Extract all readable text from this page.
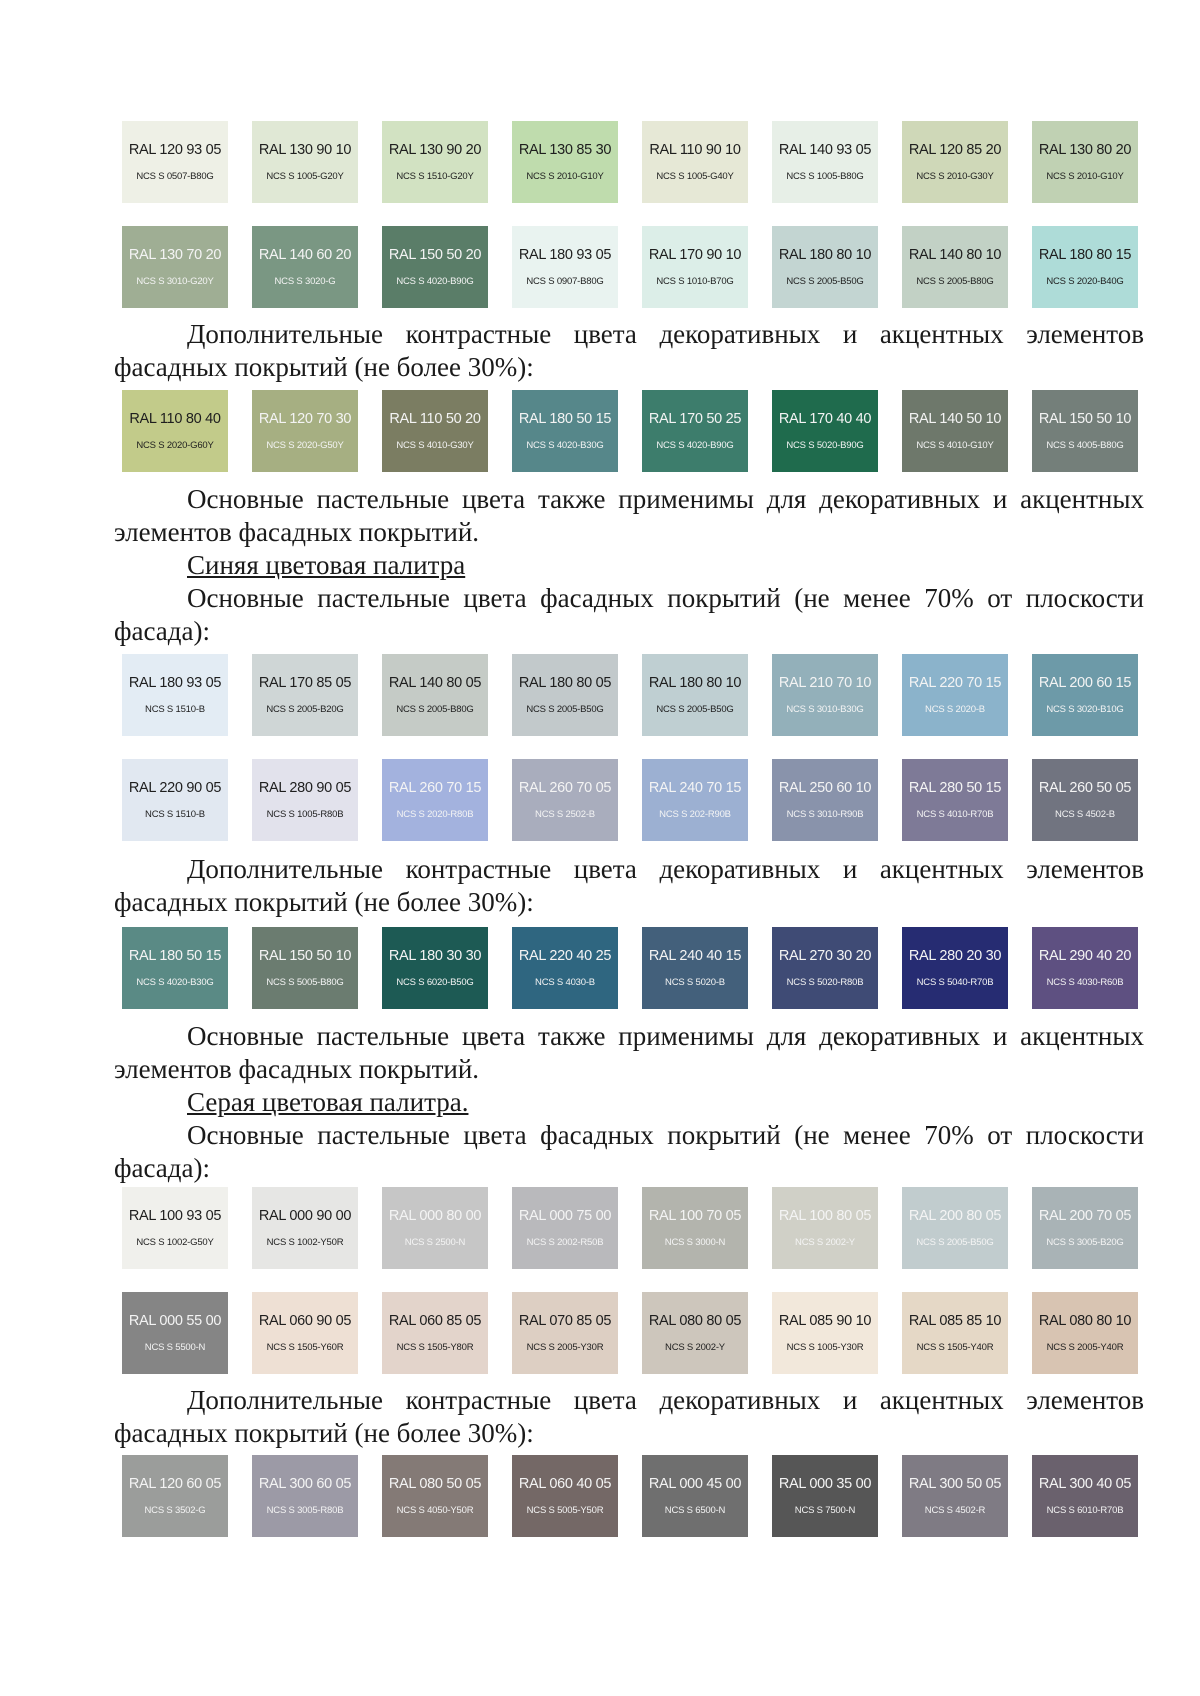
RAL 120 93 05
NCS S 0507-B80G
RAL 130 90 10
NCS S 1005-G20Y
RAL 130 90 20
NCS S 1510-G20Y
RAL 130 85 30
NCS S 2010-G10Y
RAL 110 90 10
NCS S 1005-G40Y
RAL 140 93 05
NCS S 1005-B80G
RAL 120 85 20
NCS S 2010-G30Y
RAL 130 80 20
NCS S 2010-G10Y
RAL 130 70 20
NCS S 3010-G20Y
RAL 140 60 20
NCS S 3020-G
RAL 150 50 20
NCS S 4020-B90G
RAL 180 93 05
NCS S 0907-B80G
RAL 170 90 10
NCS S 1010-B70G
RAL 180 80 10
NCS S 2005-B50G
RAL 140 80 10
NCS S 2005-B80G
RAL 180 80 15
NCS S 2020-B40G

Дополнительные контрастные цвета декоративных и акцентных элементов

фасадных покрытий (не более 30%):

RAL 110 80 40
NCS S 2020-G60Y
RAL 120 70 30
NCS S 2020-G50Y
RAL 110 50 20
NCS S 4010-G30Y
RAL 180 50 15
NCS S 4020-B30G
RAL 170 50 25
NCS S 4020-B90G
RAL 170 40 40
NCS S 5020-B90G
RAL 140 50 10
NCS S 4010-G10Y
RAL 150 50 10
NCS S 4005-B80G

Основные пастельные цвета также применимы для декоративных и акцентных

элементов фасадных покрытий.

Синяя цветовая палитра

Основные пастельные цвета фасадных покрытий (не менее 70% от плоскости

фасада):

RAL 180 93 05
NCS S 1510-B
RAL 170 85 05
NCS S 2005-B20G
RAL 140 80 05
NCS S 2005-B80G
RAL 180 80 05
NCS S 2005-B50G
RAL 180 80 10
NCS S 2005-B50G
RAL 210 70 10
NCS S 3010-B30G
RAL 220 70 15
NCS S 2020-B
RAL 200 60 15
NCS S 3020-B10G
RAL 220 90 05
NCS S 1510-B
RAL 280 90 05
NCS S 1005-R80B
RAL 260 70 15
NCS S 2020-R80B
RAL 260 70 05
NCS S 2502-B
RAL 240 70 15
NCS S 202-R90B
RAL 250 60 10
NCS S 3010-R90B
RAL 280 50 15
NCS S 4010-R70B
RAL 260 50 05
NCS S 4502-B

Дополнительные контрастные цвета декоративных и акцентных элементов

фасадных покрытий (не более 30%):

RAL 180 50 15
NCS S 4020-B30G
RAL 150 50 10
NCS S 5005-B80G
RAL 180 30 30
NCS S 6020-B50G
RAL 220 40 25
NCS S 4030-B
RAL 240 40 15
NCS S 5020-B
RAL 270 30 20
NCS S 5020-R80B
RAL 280 20 30
NCS S 5040-R70B
RAL 290 40 20
NCS S 4030-R60B

Основные пастельные цвета также применимы для декоративных и акцентных

элементов фасадных покрытий.

Серая цветовая палитра.

Основные пастельные цвета фасадных покрытий (не менее 70% от плоскости

фасада):

RAL 100 93 05
NCS S 1002-G50Y
RAL 000 90 00
NCS S 1002-Y50R
RAL 000 80 00
NCS S 2500-N
RAL 000 75 00
NCS S 2002-R50B
RAL 100 70 05
NCS S 3000-N
RAL 100 80 05
NCS S 2002-Y
RAL 200 80 05
NCS S 2005-B50G
RAL 200 70 05
NCS S 3005-B20G
RAL 000 55 00
NCS S 5500-N
RAL 060 90 05
NCS S 1505-Y60R
RAL 060 85 05
NCS S 1505-Y80R
RAL 070 85 05
NCS S 2005-Y30R
RAL 080 80 05
NCS S 2002-Y
RAL 085 90 10
NCS S 1005-Y30R
RAL 085 85 10
NCS S 1505-Y40R
RAL 080 80 10
NCS S 2005-Y40R

Дополнительные контрастные цвета декоративных и акцентных элементов

фасадных покрытий (не более 30%):

RAL 120 60 05
NCS S 3502-G
RAL 300 60 05
NCS S 3005-R80B
RAL 080 50 05
NCS S 4050-Y50R
RAL 060 40 05
NCS S 5005-Y50R
RAL 000 45 00
NCS S 6500-N
RAL 000 35 00
NCS S 7500-N
RAL 300 50 05
NCS S 4502-R
RAL 300 40 05
NCS S 6010-R70B
